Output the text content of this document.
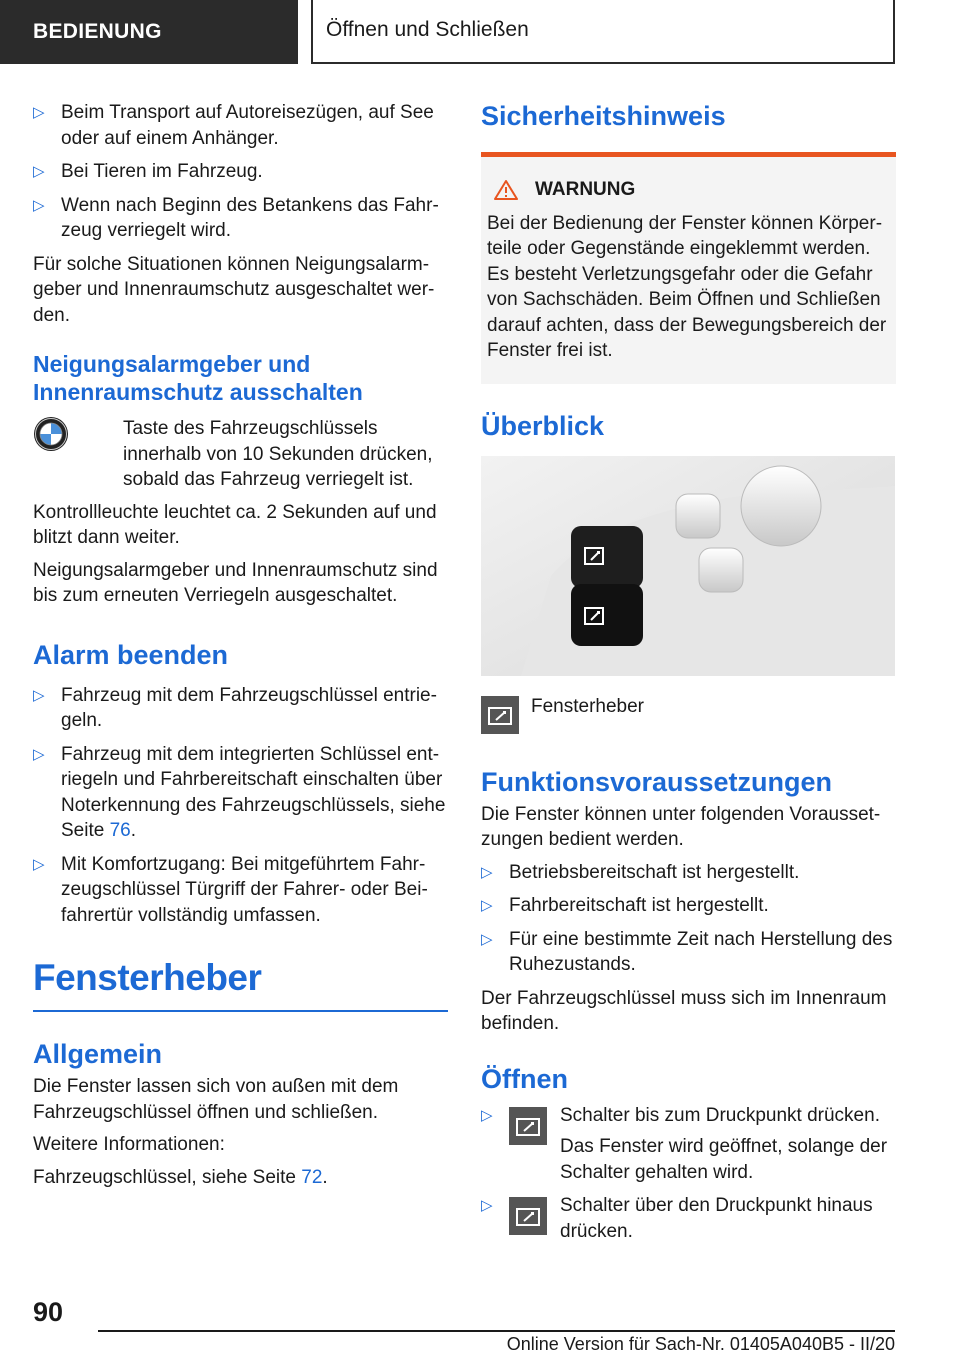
BEDIENUNG	Öffnen und Schließen
▷ Beim Transport auf Autoreisezügen, auf See oder auf einem Anhänger.
▷ Bei Tieren im Fahrzeug.
▷ Wenn nach Beginn des Betankens das Fahr-zeug verriegelt wird.

Für solche Situationen können Neigungsalarm-geber und Innenraumschutz ausgeschaltet wer-den.

Neigungsalarmgeber und Innenraumschutz ausschalten

Taste des Fahrzeugschlüssels innerhalb von 10 Sekunden drücken, sobald das Fahrzeug verriegelt ist.

Kontrollleuchte leuchtet ca. 2 Sekunden auf und blitzt dann weiter.

Neigungsalarmgeber und Innenraumschutz sind bis zum erneuten Verriegeln ausgeschaltet.

Alarm beenden
▷ Fahrzeug mit dem Fahrzeugschlüssel entrie-geln.
▷ Fahrzeug mit dem integrierten Schlüssel ent-riegeln und Fahrbereitschaft einschalten über Noterkennung des Fahrzeugschlüssels, siehe Seite 76.
▷ Mit Komfortzugang: Bei mitgeführtem Fahr-zeugschlüssel Türgriff der Fahrer- oder Bei-fahrertür vollständig umfassen.
Fensterheber
Allgemein

Die Fenster lassen sich von außen mit dem Fahrzeugschlüssel öffnen und schließen.

Weitere Informationen:

Fahrzeugschlüssel, siehe Seite 72.

Sicherheitshinweis
WARNUNG

Bei der Bedienung der Fenster können Körper-teile oder Gegenstände eingeklemmt werden. Es besteht Verletzungsgefahr oder die Gefahr von Sachschäden. Beim Öffnen und Schließen darauf achten, dass der Bewegungsbereich der Fenster frei ist.

Überblick
Fensterheber
Funktionsvoraussetzungen

Die Fenster können unter folgenden Vorausset-zungen bedient werden.

▷ Betriebsbereitschaft ist hergestellt.
▷ Fahrbereitschaft ist hergestellt.
▷ Für eine bestimmte Zeit nach Herstellung des Ruhezustands.

Der Fahrzeugschlüssel muss sich im Innenraum befinden.

Öffnen
▷	Schalter bis zum Druckpunkt drücken.
Das Fenster wird geöffnet, solange der Schalter gehalten wird.
▷	Schalter über den Druckpunkt hinaus drücken.
90
Online Version für Sach-Nr. 01405A040B5 - II/20
